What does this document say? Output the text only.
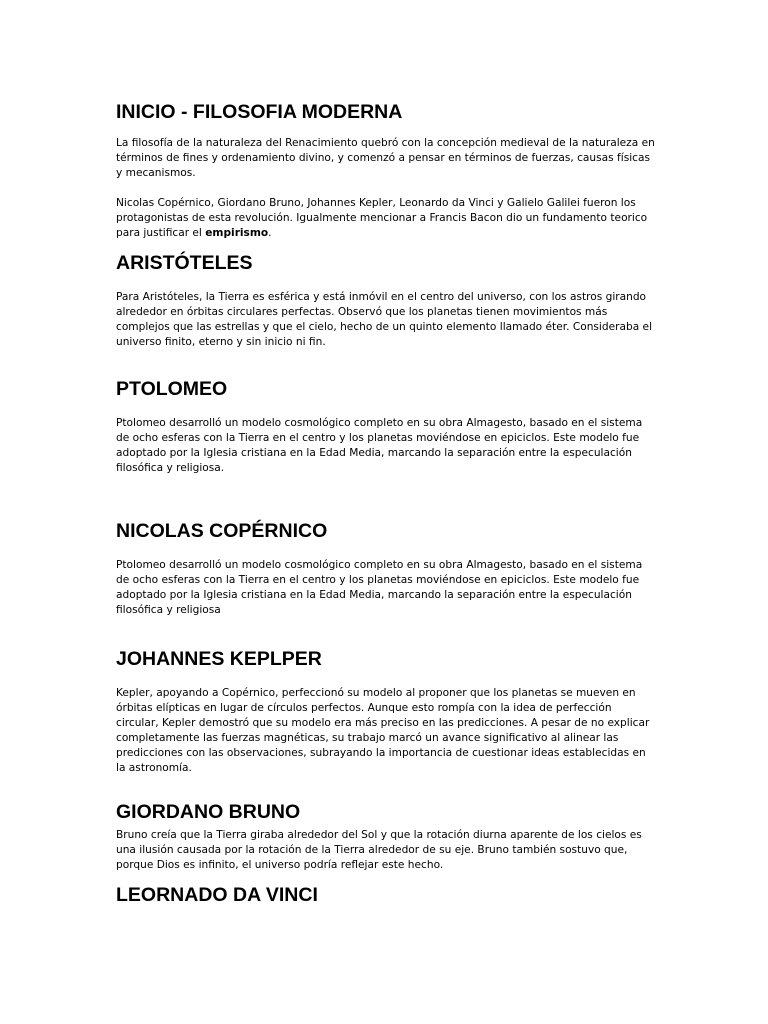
INICIO - FILOSOFIA MODERNA

La filosofía de la naturaleza del Renacimiento quebró con la concepción medieval de la naturaleza en términos de fines y ordenamiento divino, y comenzó a pensar en términos de fuerzas, causas físicas y mecanismos.

Nicolas Copérnico, Giordano Bruno, Johannes Kepler, Leonardo da Vinci y Galielo Galilei fueron los protagonistas de esta revolución. Igualmente mencionar a Francis Bacon dio un fundamento teorico para justificar el empirismo.

ARISTÓTELES

Para Aristóteles, la Tierra es esférica y está inmóvil en el centro del universo, con los astros girando alrededor en órbitas circulares perfectas. Observó que los planetas tienen movimientos más complejos que las estrellas y que el cielo, hecho de un quinto elemento llamado éter. Consideraba el universo finito, eterno y sin inicio ni fin.

PTOLOMEO

Ptolomeo desarrolló un modelo cosmológico completo en su obra Almagesto, basado en el sistema de ocho esferas con la Tierra en el centro y los planetas moviéndose en epiciclos. Este modelo fue adoptado por la Iglesia cristiana en la Edad Media, marcando la separación entre la especulación filosófica y religiosa.

NICOLAS COPÉRNICO

Ptolomeo desarrolló un modelo cosmológico completo en su obra Almagesto, basado en el sistema de ocho esferas con la Tierra en el centro y los planetas moviéndose en epiciclos. Este modelo fue adoptado por la Iglesia cristiana en la Edad Media, marcando la separación entre la especulación filosófica y religiosa

JOHANNES KEPLPER

Kepler, apoyando a Copérnico, perfeccionó su modelo al proponer que los planetas se mueven en órbitas elípticas en lugar de círculos perfectos. Aunque esto rompía con la idea de perfección circular, Kepler demostró que su modelo era más preciso en las predicciones. A pesar de no explicar completamente las fuerzas magnéticas, su trabajo marcó un avance significativo al alinear las predicciones con las observaciones, subrayando la importancia de cuestionar ideas establecidas en la astronomía.

GIORDANO BRUNO

Bruno creía que la Tierra giraba alrededor del Sol y que la rotación diurna aparente de los cielos es una ilusión causada por la rotación de la Tierra alrededor de su eje. Bruno también sostuvo que, porque Dios es infinito, el universo podría reflejar este hecho.

LEORNADO DA VINCI
